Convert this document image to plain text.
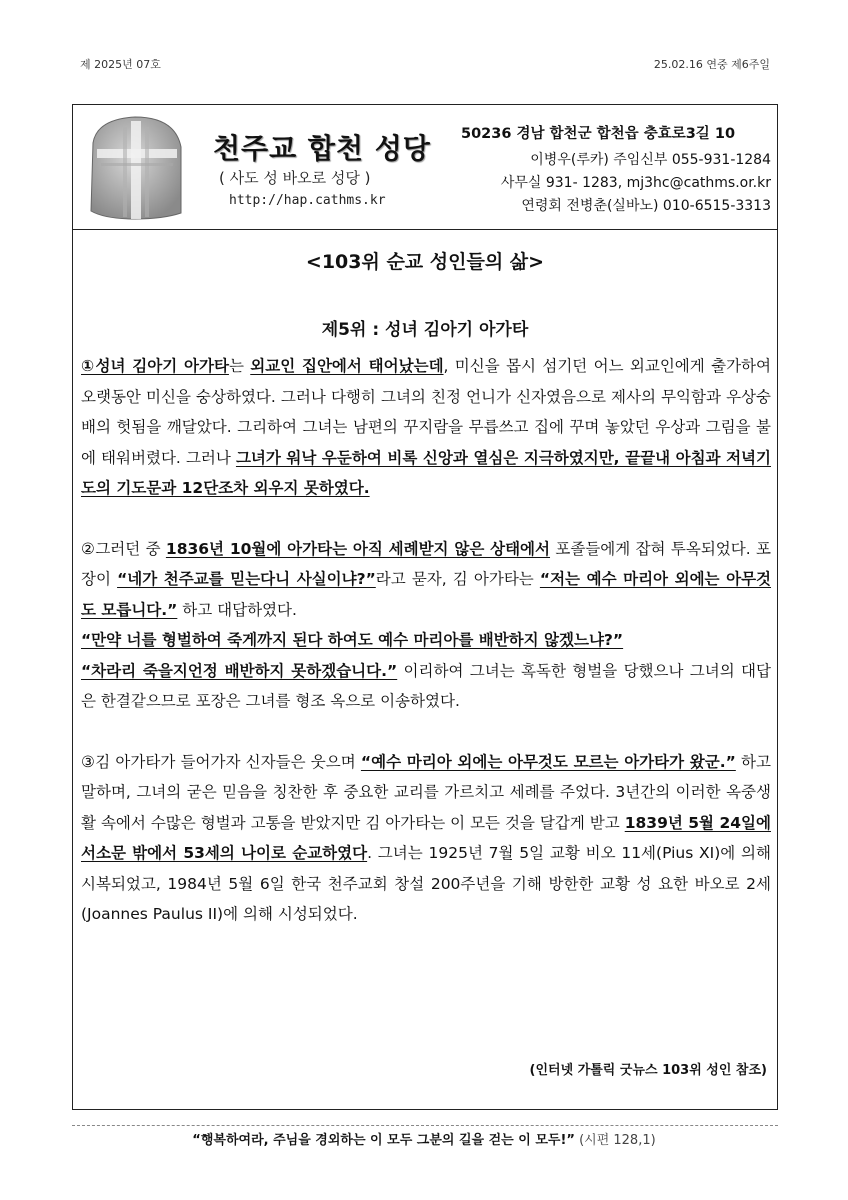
제 2025년 07호	25.02.16 연중 제6주일
천주교 합천 성당
( 사도 성 바오로 성당 )
http://hap.cathms.kr
50236 경남 합천군 합천읍 충효로3길 10
이병우(루카) 주임신부 055-931-1284
사무실 931- 1283, mj3hc@cathms.or.kr
연령회 전병춘(실바노) 010-6515-3313
<103위 순교 성인들의 삶>
제5위 : 성녀 김아기 아가타

①성녀 김아기 아가타는 외교인 집안에서 태어났는데, 미신을 몹시 섬기던 어느 외교인에게 출가하여 오랫동안 미신을 숭상하였다. 그러나 다행히 그녀의 친정 언니가 신자였음으로 제사의 무익함과 우상숭배의 헛됨을 깨달았다. 그리하여 그녀는 남편의 꾸지람을 무릅쓰고 집에 꾸며 놓았던 우상과 그림을 불에 태워버렸다. 그러나 그녀가 워낙 우둔하여 비록 신앙과 열심은 지극하였지만, 끝끝내 아침과 저녁기도의 기도문과 12단조차 외우지 못하였다.

②그러던 중 1836년 10월에 아가타는 아직 세례받지 않은 상태에서 포졸들에게 잡혀 투옥되었다. 포장이 “네가 천주교를 믿는다니 사실이냐?”라고 묻자, 김 아가타는 “저는 예수 마리아 외에는 아무것도 모릅니다.” 하고 대답하였다.
“만약 너를 형벌하여 죽게까지 된다 하여도 예수 마리아를 배반하지 않겠느냐?”
“차라리 죽을지언정 배반하지 못하겠습니다.” 이리하여 그녀는 혹독한 형벌을 당했으나 그녀의 대답은 한결같으므로 포장은 그녀를 형조 옥으로 이송하였다.

③김 아가타가 들어가자 신자들은 웃으며 “예수 마리아 외에는 아무것도 모르는 아가타가 왔군.” 하고 말하며, 그녀의 굳은 믿음을 칭찬한 후 중요한 교리를 가르치고 세례를 주었다. 3년간의 이러한 옥중생활 속에서 수많은 형벌과 고통을 받았지만 김 아가타는 이 모든 것을 달갑게 받고 1839년 5월 24일에 서소문 밖에서 53세의 나이로 순교하였다. 그녀는 1925년 7월 5일 교황 비오 11세(Pius XI)에 의해 시복되었고, 1984년 5월 6일 한국 천주교회 창설 200주년을 기해 방한한 교황 성 요한 바오로 2세(Joannes Paulus II)에 의해 시성되었다.

(인터넷 가톨릭 굿뉴스 103위 성인 참조)
“행복하여라, 주님을 경외하는 이 모두 그분의 길을 걷는 이 모두!” (시편 128,1)
